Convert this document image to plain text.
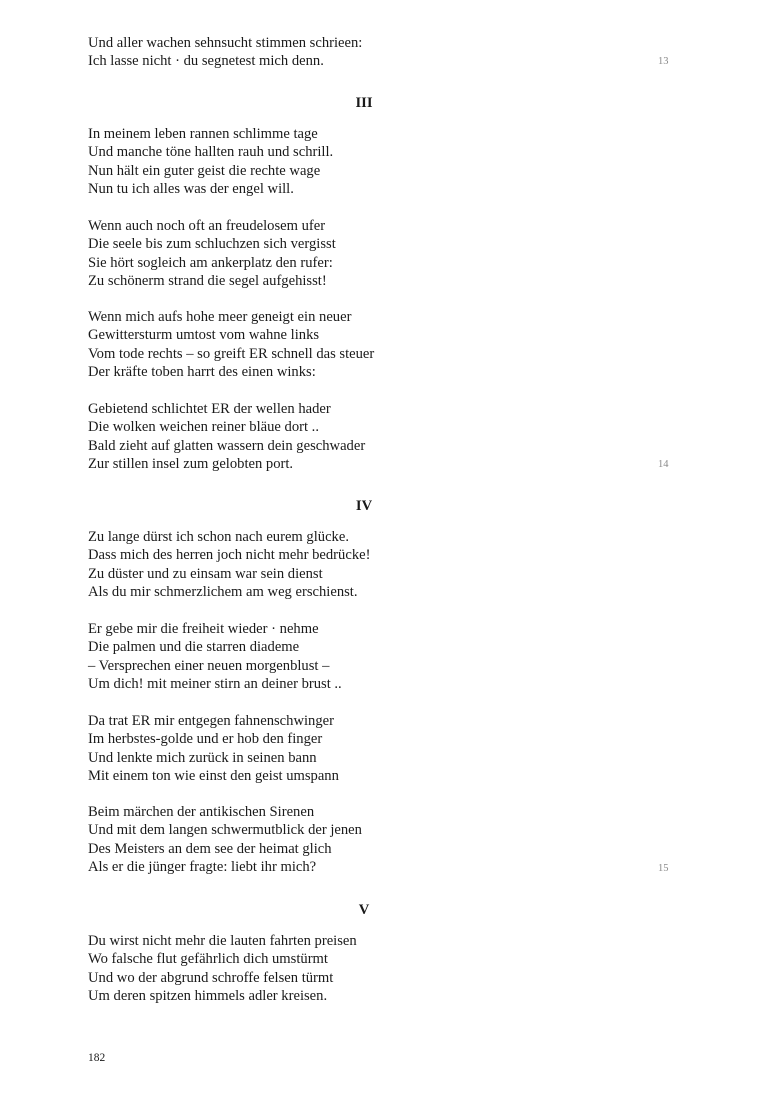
Und aller wachen sehnsucht stimmen schrieen:
Ich lasse nicht · du segnetest mich denn.	13
III
In meinem leben rannen schlimme tage
Und manche töne hallten rauh und schrill.
Nun hält ein guter geist die rechte wage
Nun tu ich alles was der engel will.
Wenn auch noch oft an freudelosem ufer
Die seele bis zum schluchzen sich vergisst
Sie hört sogleich am ankerplatz den rufer:
Zu schönerm strand die segel aufgehisst!
Wenn mich aufs hohe meer geneigt ein neuer
Gewittersturm umtost vom wahne links
Vom tode rechts – so greift ER schnell das steuer
Der kräfte toben harrt des einen winks:
Gebietend schlichtet ER der wellen hader
Die wolken weichen reiner bläue dort ..
Bald zieht auf glatten wassern dein geschwader
Zur stillen insel zum gelobten port.	14
IV
Zu lange dürst ich schon nach eurem glücke.
Dass mich des herren joch nicht mehr bedrücke!
Zu düster und zu einsam war sein dienst
Als du mir schmerzlichem am weg erschienst.
Er gebe mir die freiheit wieder · nehme
Die palmen und die starren diademe
– Versprechen einer neuen morgenblust –
Um dich! mit meiner stirn an deiner brust ..
Da trat ER mir entgegen fahnenschwinger
Im herbstes-golde und er hob den finger
Und lenkte mich zurück in seinen bann
Mit einem ton wie einst den geist umspann
Beim märchen der antikischen Sirenen
Und mit dem langen schwermutblick der jenen
Des Meisters an dem see der heimat glich
Als er die jünger fragte: liebt ihr mich?	15
V
Du wirst nicht mehr die lauten fahrten preisen
Wo falsche flut gefährlich dich umstürmt
Und wo der abgrund schroffe felsen türmt
Um deren spitzen himmels adler kreisen.
182
